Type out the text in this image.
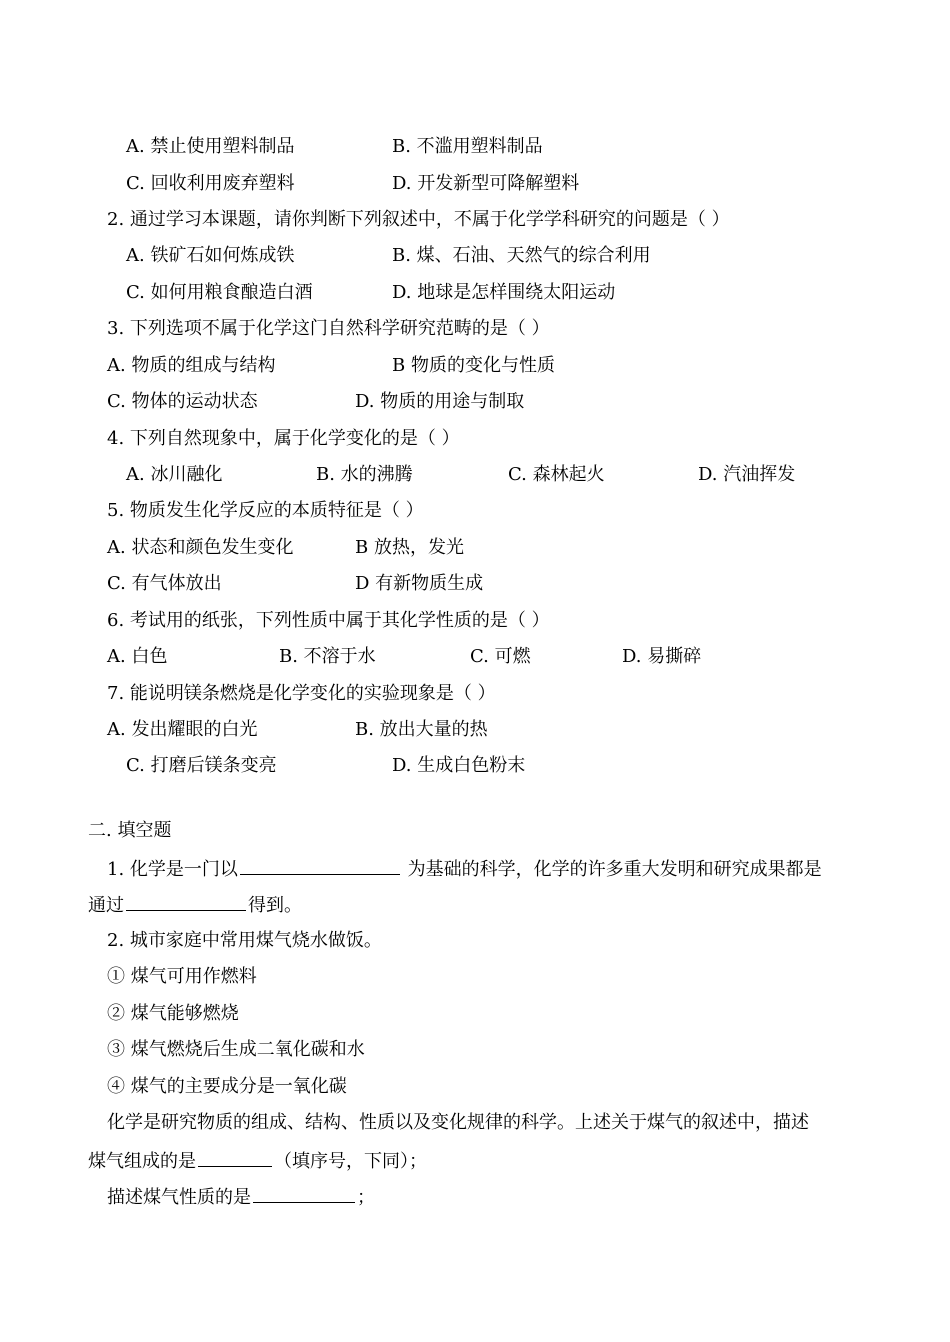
A. 禁止使用塑料制品	B. 不滥用塑料制品
C. 回收利用废弃塑料	D. 开发新型可降解塑料
2. 通过学习本课题，请你判断下列叙述中，不属于化学学科研究的问题是（ ）
A. 铁矿石如何炼成铁	B. 煤、石油、天然气的综合利用
C. 如何用粮食酿造白酒	D. 地球是怎样围绕太阳运动
3. 下列选项不属于化学这门自然科学研究范畴的是（ ）
A. 物质的组成与结构	B 物质的变化与性质
C. 物体的运动状态	D. 物质的用途与制取
4. 下列自然现象中，属于化学变化的是（ ）
A. 冰川融化	B. 水的沸腾	C. 森林起火	D. 汽油挥发
5. 物质发生化学反应的本质特征是（ ）
A. 状态和颜色发生变化	B 放热，发光
C. 有气体放出	D 有新物质生成
6. 考试用的纸张，下列性质中属于其化学性质的是（ ）
A. 白色	B. 不溶于水	C. 可燃	D. 易撕碎
7. 能说明镁条燃烧是化学变化的实验现象是（ ）
A. 发出耀眼的白光	B. 放出大量的热
C. 打磨后镁条变亮	D. 生成白色粉末
二. 填空题
1. 化学是一门以	为基础的科学，化学的许多重大发明和研究成果都是
通过	得到。
2. 城市家庭中常用煤气烧水做饭。
① 煤气可用作燃料
② 煤气能够燃烧
③ 煤气燃烧后生成二氧化碳和水
④ 煤气的主要成分是一氧化碳
化学是研究物质的组成、结构、性质以及变化规律的科学。上述关于煤气的叙述中，描述
煤气组成的是	（填序号，下同）；
描述煤气性质的是	；
